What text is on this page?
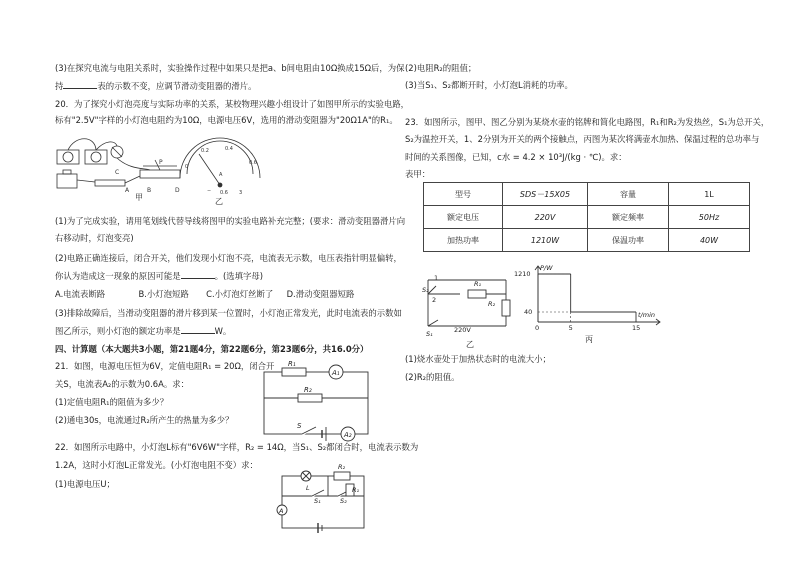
(3)在探究电流与电阻关系时，实验操作过程中如果只是把a、b间电阻由10Ω换成15Ω后，为保
持	表的示数不变，应调节滑动变阻器的滑片。
20．为了探究小灯泡亮度与实际功率的关系，某校物理兴趣小组设计了如图甲所示的实验电路，
标有"2.5V"字样的小灯泡电阻约为10Ω，电源电压6V，选用的滑动变阻器为"20Ω1A"的R₁。
P
A	B	D
C
甲
0
0.2	0.4
0.6
− 0.6 3
A
乙
(1)为了完成实验，请用笔划线代替导线将图甲的实验电路补充完整；(要求：滑动变阻器滑片向
右移动时，灯泡变亮)
(2)电路正确连接后，闭合开关，他们发现小灯泡不亮，电流表无示数，电压表指针明显偏转，
你认为造成这一现象的原因可能是	。(选填字母)
A.电流表断路	B.小灯泡短路 C.小灯泡灯丝断了 D.滑动变阻器短路
(3)排除故障后，当滑动变阻器的滑片移到某一位置时，小灯泡正常发光，此时电流表的示数如
图乙所示，则小灯泡的额定功率是	W。
四、计算题（本大题共3小题，第21题4分，第22题6分，第23题6分，共16.0分）
21．如图，电源电压恒为6V，定值电阻R₁ = 20Ω，闭合开
关S，电流表A₂的示数为0.6A。求：
(1)定值电阻R₁的阻值为多少？
(2)通电30s，电流通过R₂所产生的热量为多少？
R₁
R₂
S
A₁
A₂
22．如图所示电路中，小灯泡L标有"6V6W"字样，R₂ = 14Ω，当S₁、S₂都闭合时，电流表示数为
1.2A，这时小灯泡L正常发光。(小灯泡电阻不变）求：
(1)电源电压U；	L
R₂
R₁
S₁	S₂
A
(2)电阻R₂的阻值；
(3)当S₁、S₂都断开时，小灯泡L消耗的功率。
23．如图所示，图甲、图乙分别为某烧水壶的铭牌和简化电路图，R₁和R₂为发热丝，S₁为总开关，
S₂为温控开关，1、2分别为开关的两个接触点，丙图为某次将满壶水加热、保温过程的总功率与
时间的关系图像，已知，c水 = 4.2 × 10³J/(kg · ℃)。求：
表甲：
型号	SDS－15X05	容量	1L
额定电压	220V	额定频率	50Hz
加热功率	1210W	保温功率	40W
1
2
S₂
R₁
R₂
S₁	220V
乙
1210
40
0	5	15
P/W
t/min
丙
(1)烧水壶处于加热状态时的电流大小；
(2)R₂的阻值。
